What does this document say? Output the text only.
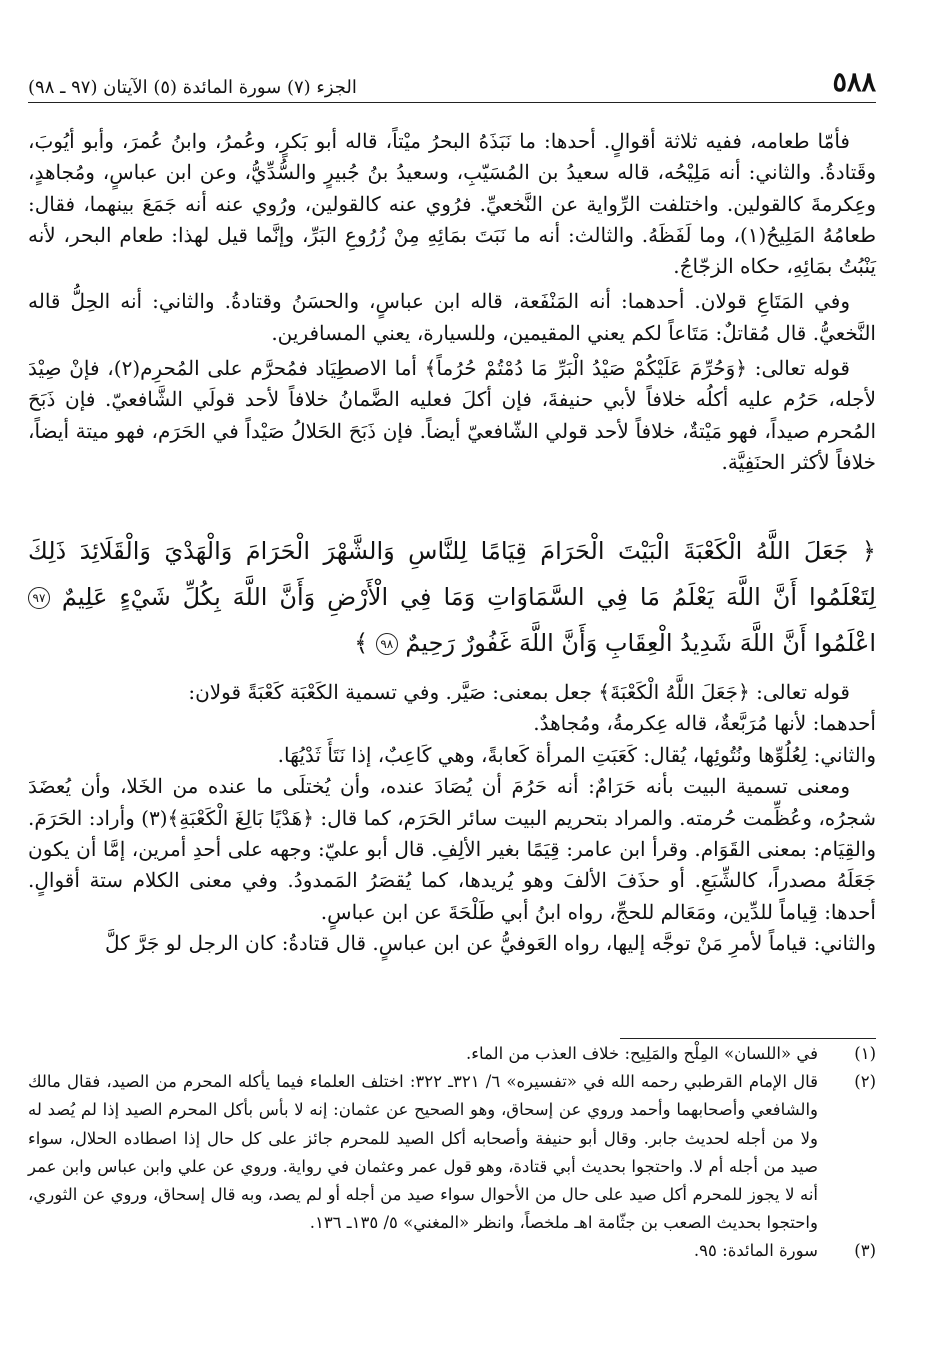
٥٨٨
الجزء (٧) سورة المائدة (٥) الآيتان (٩٧ ـ ٩٨)

فأمّا طعامه، ففيه ثلاثة أقوالٍ. أحدها: ما نَبَذَهُ البحرُ ميْتاً، قاله أبو بَكرٍ، وعُمرُ، وابنُ عُمرَ، وأبو أيُوبَ، وقَتادةُ. والثاني: أنه مَلِيْحُه، قاله سعيدُ بن المُسَيّبِ، وسعيدُ بنُ جُبيرٍ والسُّدِّيُّ، وعن ابن عباسٍ، ومُجاهدٍ، وعِكرمةَ كالقولين. واختلفت الرِّواية عن النَّخعيِّ. فرُوي عنه كالقولين، ورُوي عنه أنه جَمَعَ بينهما، فقال: طعامُهُ المَلِيحُ(١)، وما لَفَظَهُ. والثالث: أنه ما نَبَتَ بمَائِهِ مِنْ زُرُوعِ البَرِّ، وإنَّما قيل لهذا: طعام البحر، لأنه يَنْبُتُ بمَائِهِ، حكاه الزجّاجُ.

وفي المَتَاعِ قولان. أحدهما: أنه المَنْفَعة، قاله ابن عباسٍ، والحسَنُ وقتادةُ. والثاني: أنه الحِلُّ قاله النَّخعيُّ. قال مُقاتلٌ: مَتَاعاً لكم يعني المقيمين، وللسيارة، يعني المسافرين.

قوله تعالى: ﴿وَحُرِّمَ عَلَيْكُمْ صَيْدُ الْبَرِّ مَا دُمْتُمْ حُرُماً﴾ أما الاصطِيَاد فمُحرَّم على المُحرِم(٢)، فإنْ صِيْدَ لأجله، حَرُم عليه أكلُه خلافاً لأبي حنيفةَ، فإن أكلَ فعليه الضَّمانُ خلافاً لأحد قولَي الشَّافعيّ. فإن ذَبَحَ المُحرم صيداً، فهو مَيْتةٌ، خلافاً لأحد قولي الشّافعيّ أيضاً. فإن ذَبَحَ الحَلالُ صَيْداً في الحَرَم، فهو ميتة أيضاً، خلافاً لأكثر الحنَفِيَّة.

﴿ جَعَلَ اللَّهُ الْكَعْبَةَ الْبَيْتَ الْحَرَامَ قِيَامًا لِلنَّاسِ وَالشَّهْرَ الْحَرَامَ وَالْهَدْيَ وَالْقَلَائِدَ ذَلِكَ لِتَعْلَمُوا أَنَّ اللَّهَ يَعْلَمُ مَا فِي السَّمَاوَاتِ وَمَا فِي الْأَرْضِ وَأَنَّ اللَّهَ بِكُلِّ شَيْءٍ عَلِيمٌ ٩٧ اعْلَمُوا أَنَّ اللَّهَ شَدِيدُ الْعِقَابِ وَأَنَّ اللَّهَ غَفُورٌ رَحِيمٌ ٩٨ ﴾

قوله تعالى: ﴿جَعَلَ اللَّهُ الْكَعْبَةَ﴾ جعل بمعنى: صَيَّر. وفي تسمية الكَعْبَة كَعْبَةً قولان:

أحدهما: لأنها مُرَبَّعةٌ، قاله عِكرمةُ، ومُجاهدٌ.

والثاني: لِعُلُوِّها ونُتُوئِها، يُقال: كَعَبَتِ المرأة كَعابةً، وهي كَاعِبٌ، إذا نَتَأَ ثَدْيُهَا.

ومعنى تسمية البيت بأنه حَرَامٌ: أنه حَرُمَ أن يُصَادَ عنده، وأن يُختلَى ما عنده من الخَلا، وأن يُعضَدَ شجرُه، وعُظِّمت حُرمته. والمراد بتحريم البيت سائر الحَرَم، كما قال: ﴿هَدْيًا بَالِغَ الْكَعْبَةِ﴾(٣) وأراد: الحَرَمَ. والقِيَام: بمعنى القَوَام. وقرأ ابن عامر: قِيَمًا بغير الألِفِ. قال أبو عليّ: وجهه على أحدِ أمرين، إمَّا أن يكون جَعَلَهُ مصدراً، كالشِّبَعِ. أو حذَفَ الألفَ وهو يُريدها، كما يُقصَرُ المَمدودُ. وفي معنى الكلام ستة أقوالٍ. أحدها: قِياماً للدِّين، ومَعَالم للحجِّ، رواه ابنُ أبي طَلْحَةَ عن ابن عباسٍ.

والثاني: قياماً لأمرِ مَنْ توجَّه إليها، رواه العَوفيُّ عن ابن عباسٍ. قال قتادةُ: كان الرجل لو جَرَّ كلَّ

(١)
في «اللسان» المِلْح والمَلِيح: خلاف العذب من الماء.
(٢)
قال الإمام القرطبي رحمه الله في «تفسيره» ٦/ ٣٢١ـ ٣٢٢: اختلف العلماء فيما يأكله المحرم من الصيد، فقال مالك والشافعي وأصحابهما وأحمد وروي عن إسحاق، وهو الصحيح عن عثمان: إنه لا بأس بأكل المحرم الصيد إذا لم يُصد له ولا من أجله لحديث جابر. وقال أبو حنيفة وأصحابه أكل الصيد للمحرم جائز على كل حال إذا اصطاده الحلال، سواء صيد من أجله أم لا. واحتجوا بحديث أبي قتادة، وهو قول عمر وعثمان في رواية. وروي عن علي وابن عباس وابن عمر أنه لا يجوز للمحرم أكل صيد على حال من الأحوال سواء صيد من أجله أو لم يصد، وبه قال إسحاق، وروي عن الثوري، واحتجوا بحديث الصعب بن جثّامة اهـ ملخصاً، وانظر «المغني» ٥/ ١٣٥ـ ١٣٦.
(٣)
سورة المائدة: ٩٥.
